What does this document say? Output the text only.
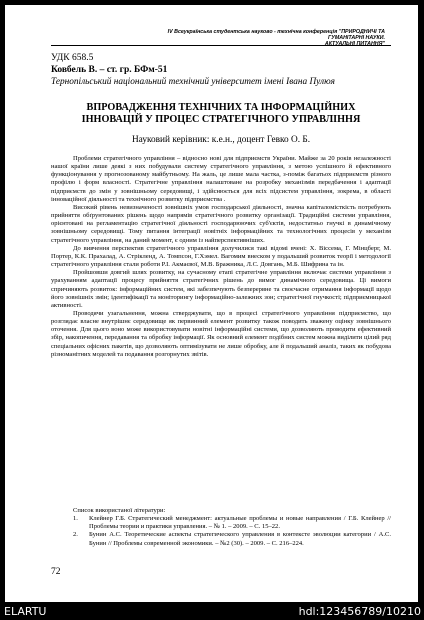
IV Всеукраїнська студентська науково - технічна конференція "ПРИРОДНИЧІ ТА ГУМАНІТАРНІ НАУКИ.
АКТУАЛЬНІ ПИТАННЯ"
УДК 658.5
Ковбель В. – ст. гр. БФм-51
Тернопільський національний технічний університет імені Івана Пулюя
ВПРОВАДЖЕННЯ ТЕХНІЧНИХ ТА ІНФОРМАЦІЙНИХ
ІННОВАЦІЙ У ПРОЦЕС СТРАТЕГІЧНОГО УПРАВЛІННЯ
Науковий керівник: к.е.н., доцент Гевко О. Б.

Проблеми стратегічного управління – відносно нові для підприємств України. Майже за 20 років незалежності нашої країни лише деякі з них побудували систему стратегічного управління, з метою успішного й ефективного функціонування у прогнозованому майбутньому. На жаль, це лише мала частка, з-поміж багатьох підприємств різного профілю і форм власності. Стратегічне управління налаштоване на розробку механізмів передбачення і адаптації підприємств до змін у зовнішньому середовищі, і здійснюється для всіх підсистем управління, зокрема, в області інноваційної діяльності та технічного розвитку підприємства .

Високий рівень невизначеності зовнішніх умов господарської діяльності, значна капіталомісткість потребують прийняття обґрунтованих рішень щодо напрямів стратегічного розвитку організації. Традиційні системи управління, орієнтовані на регламентацію стратегічної діяльності господарюючих суб'єктів, недостатньо гнучкі в динамічному зовнішньому середовищі. Тому питання інтеграції новітніх інформаційних та технологічних процесів у механізм стратегічного управління, на даний момент, є одним із найперспективніших.

До вивчення перспектив стратегічного управління долучилися такі відомі вчені: Х. Віссема, Г. Мінцберг, М. Портер, К.К. Прахалад, А. Стрікленд, А. Томпсон, Г.Хэмел. Вагомим внеском у подальший розвиток теорії і методології стратегічного управління стали роботи Р.І. Акмаєвої, М.В. Бражника, Л.С. Довгань, М.Б. Шифрина та ін.

Пройшовши довгий шлях розвитку, на сучасному етапі стратегічне управління включає системи управління з урахуванням адаптації процесу прийняття стратегічних рішень до вимог динамічного середовища. Ці вимоги спричиняють розвиток: інформаційних систем, які забезпечують безперервне та своєчасне отримання інформації щодо його зовнішніх змін; ідентифікації та моніторингу інформаційно-залежних зон; стратегічної гнучкості; підприємницької активності.

Проводячи узагальнення, можна стверджувати, що в процесі стратегічного управління підприємство, що розглядає власне внутрішнє середовище як первинний елемент розвитку також поводить зважену оцінку зовнішнього оточення. Для цього воно може використовувати новітні інформаційні системи, що дозволяють проводити ефективний збір, накопичення, передавання та обробку інформації. Як основний елемент подібних систем можна виділити цілий ряд спеціальних офісних пакетів, що дозволяють оптимізувати не лише обробку, але й подальший аналіз, таких як побудова різноманітних моделей та подавання розгорнутих звітів.

Список використаної літератури:

1. Клейнер Г.Б. Стратегический менеджмент: актуальные проблемы и новые направления / Г.Б. Клейнер // Проблемы теории и практики управления. – № 1. – 2009. – С. 15–22.

2. Бунин А.С. Теоретические аспекты стратегического управления в контексте эволюции категории / А.С. Бунин // Проблемы современной экономики. – №2 (30). – 2009. – С. 216–224.

72
ELARTU	hdl:123456789/10210
